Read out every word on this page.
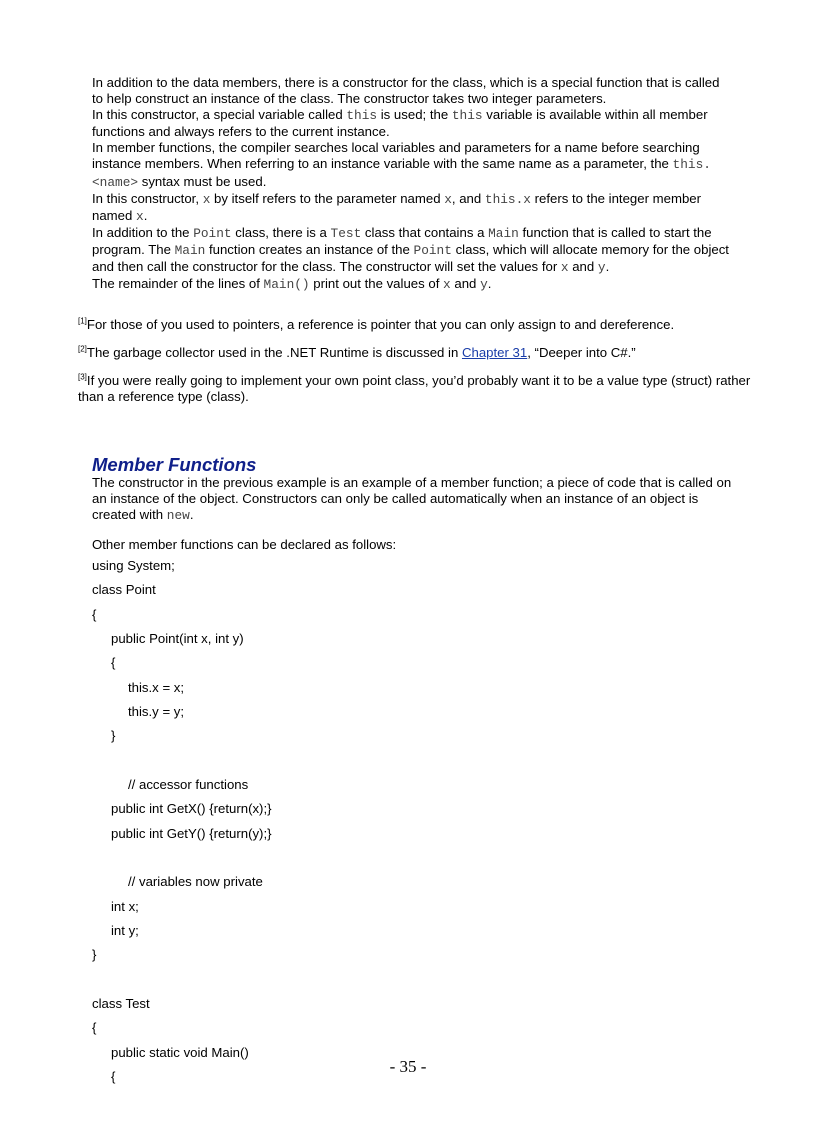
In addition to the data members, there is a constructor for the class, which is a special function that is called to help construct an instance of the class. The constructor takes two integer parameters.

In this constructor, a special variable called this is used; the this variable is available within all member functions and always refers to the current instance.

In member functions, the compiler searches local variables and parameters for a name before searching instance members. When referring to an instance variable with the same name as a parameter, the this.<name> syntax must be used.

In this constructor, x by itself refers to the parameter named x, and this.x refers to the integer member named x.

In addition to the Point class, there is a Test class that contains a Main function that is called to start the program. The Main function creates an instance of the Point class, which will allocate memory for the object and then call the constructor for the class. The constructor will set the values for x and y.

The remainder of the lines of Main() print out the values of x and y.

[1]For those of you used to pointers, a reference is pointer that you can only assign to and dereference.
[2]The garbage collector used in the .NET Runtime is discussed in Chapter 31, “Deeper into C#.”
[3]If you were really going to implement your own point class, you’d probably want it to be a value type (struct) rather than a reference type (class).
Member Functions

The constructor in the previous example is an example of a member function; a piece of code that is called on an instance of the object. Constructors can only be called automatically when an instance of an object is created with new.

Other member functions can be declared as follows:

using System;
class Point
{
public Point(int x, int y)
{
this.x = x;
this.y = y;
}
// accessor functions
public int GetX() {return(x);}
public int GetY() {return(y);}
// variables now private
int x;
int y;
}
class Test
{
public static void Main()
{
- 35 -
